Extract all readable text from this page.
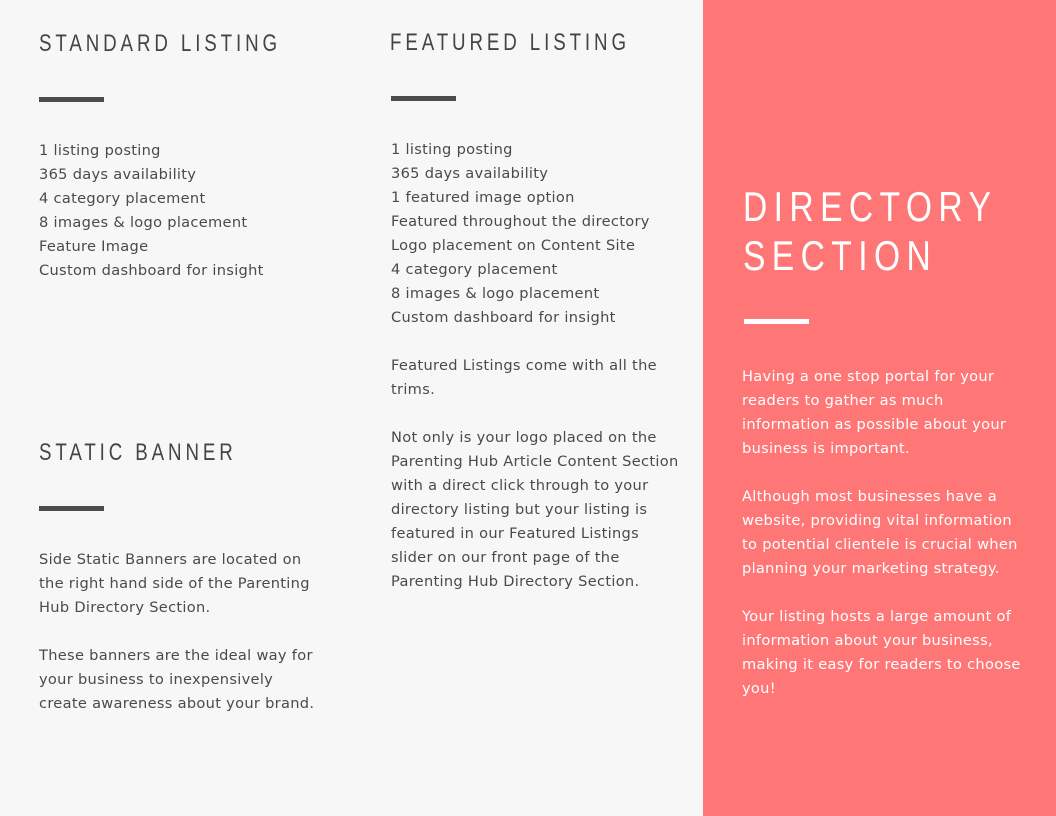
STANDARD LISTING
1 listing posting
365 days availability
4 category placement
8 images & logo placement
Feature Image
Custom dashboard for insight
STATIC BANNER
Side Static Banners are located on
the right hand side of the Parenting
Hub Directory Section.
These banners are the ideal way for
your business to inexpensively
create awareness about your brand.
FEATURED LISTING
1 listing posting
365 days availability
1 featured image option
Featured throughout the directory
Logo placement on Content Site
4 category placement
8 images & logo placement
Custom dashboard for insight
Featured Listings come with all the
trims.
Not only is your logo placed on the
Parenting Hub Article Content Section
with a direct click through to your
directory listing but your listing is
featured in our Featured Listings
slider on our front page of the
Parenting Hub Directory Section.
DIRECTORY
SECTION
Having a one stop portal for your
readers to gather as much
information as possible about your
business is important.
Although most businesses have a
website, providing vital information
to potential clientele is crucial when
planning your marketing strategy.
Your listing hosts a large amount of
information about your business,
making it easy for readers to choose
you!
